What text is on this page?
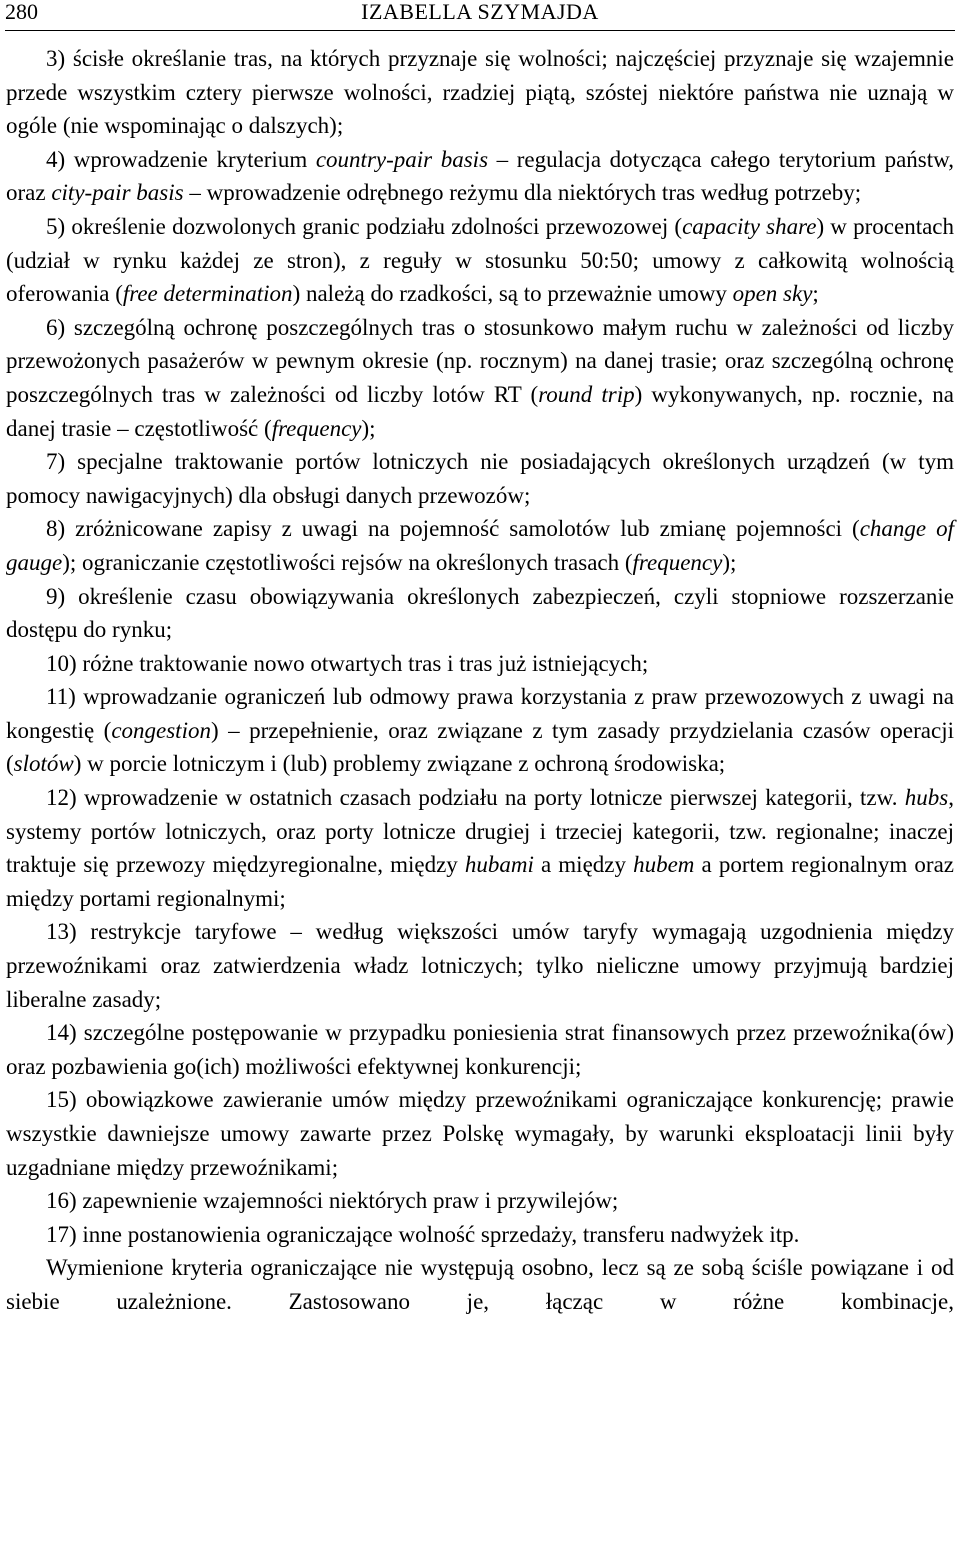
280	IZABELLA SZYMAJDA

3) ścisłe określanie tras, na których przyznaje się wolności; najczęściej przyznaje się wzajemnie przede wszystkim cztery pierwsze wolności, rzadziej piątą, szóstej niektóre państwa nie uznają w ogóle (nie wspominając o dalszych);

4) wprowadzenie kryterium country-pair basis – regulacja dotycząca całego terytorium państw, oraz city-pair basis – wprowadzenie odrębnego reżymu dla niektórych tras według potrzeby;

5) określenie dozwolonych granic podziału zdolności przewozowej (capacity share) w procentach (udział w rynku każdej ze stron), z reguły w stosunku 50:50; umowy z całkowitą wolnością oferowania (free determination) należą do rzadkości, są to przeważnie umowy open sky;

6) szczególną ochronę poszczególnych tras o stosunkowo małym ruchu w zależności od liczby przewożonych pasażerów w pewnym okresie (np. rocznym) na danej trasie; oraz szczególną ochronę poszczególnych tras w zależności od liczby lotów RT (round trip) wykonywanych, np. rocznie, na danej trasie – częstotliwość (frequency);

7) specjalne traktowanie portów lotniczych nie posiadających określonych urządzeń (w tym pomocy nawigacyjnych) dla obsługi danych przewozów;

8) zróżnicowane zapisy z uwagi na pojemność samolotów lub zmianę pojemności (change of gauge); ograniczanie częstotliwości rejsów na określonych trasach (frequency);

9) określenie czasu obowiązywania określonych zabezpieczeń, czyli stopniowe rozszerzanie dostępu do rynku;

10) różne traktowanie nowo otwartych tras i tras już istniejących;

11) wprowadzanie ograniczeń lub odmowy prawa korzystania z praw przewozowych z uwagi na kongestię (congestion) – przepełnienie, oraz związane z tym zasady przydzielania czasów operacji (slotów) w porcie lotniczym i (lub) problemy związane z ochroną środowiska;

12) wprowadzenie w ostatnich czasach podziału na porty lotnicze pierwszej kategorii, tzw. hubs, systemy portów lotniczych, oraz porty lotnicze drugiej i trzeciej kategorii, tzw. regionalne; inaczej traktuje się przewozy międzyregionalne, między hubami a między hubem a portem regionalnym oraz między portami regionalnymi;

13) restrykcje taryfowe – według większości umów taryfy wymagają uzgodnienia między przewoźnikami oraz zatwierdzenia władz lotniczych; tylko nieliczne umowy przyjmują bardziej liberalne zasady;

14) szczególne postępowanie w przypadku poniesienia strat finansowych przez przewoźnika(ów) oraz pozbawienia go(ich) możliwości efektywnej konkurencji;

15) obowiązkowe zawieranie umów między przewoźnikami ograniczające konkurencję; prawie wszystkie dawniejsze umowy zawarte przez Polskę wymagały, by warunki eksploatacji linii były uzgadniane między przewoźnikami;

16) zapewnienie wzajemności niektórych praw i przywilejów;

17) inne postanowienia ograniczające wolność sprzedaży, transferu nadwyżek itp.

Wymienione kryteria ograniczające nie występują osobno, lecz są ze sobą ściśle powiązane i od siebie uzależnione. Zastosowano je, łącząc w różne kombinacje,
